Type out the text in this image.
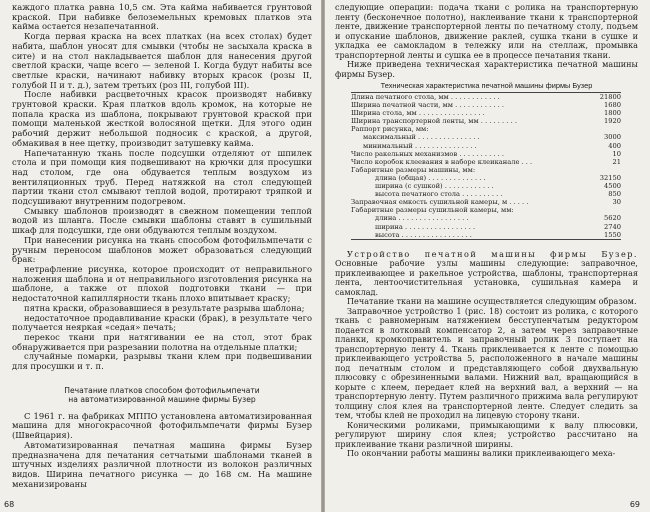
каждого платка равна 10,5 см. Эта кайма набивается грунтовой краской. При набивке белоземельных кремовых платков эта кайма остается незапечатанной.

Когда первая краска на всех платках (на всех столах) будет набита, шаблон уносят для смывки (чтобы не засыхала краска в сите) и на стол накладывается шаблон для нанесения другой светлой краски, чаще всего — зеленой I. Когда будут набиты все светлые краски, начинают набивку вторых красок (розы II, голубой II и т. д.), затем третьих (роз III, голубой III).

После набивки расцветочных красок производят набивку грунтовой краски. Края платков вдоль кромок, на которые не попала краска из шаблона, покрывают грунтовой краской при помощи маленькой жесткой волосяной щетки. Для этого один рабочий держит небольшой подносик с краской, а другой, обмакивая в нее щетку, производит затушевку кайма.

Напечатанную ткань после подсушки отделяют от шпилек стола и при помощи кия подвешивают на крючки для просушки над столом, где она обдувается теплым воздухом из вентиляционных труб. Перед натяжкой на стол следующей партии ткани стол смывают теплой водой, протирают тряпкой и подсушивают внутренним подогревом.

Смывку шаблонов производят в свежном помещении теплой водой из шланга. После смывки шаблоны ставят в сушильный шкаф для подсушки, где они обдуваются теплым воздухом.

При нанесении рисунка на ткань способом фотофильмпечати с ручным переносом шаблонов может образоваться следующий брак:

нетрафление рисунка, которое происходит от неправильного наложения шаблона и от неправильного изготовления рисунка на шаблоне, а также от плохой подготовки ткани — при недостаточной капиллярности ткань плохо впитывает краску;

пятна краски, образовавшиеся в результате разрыва шаблона;

недостаточное продавливание краски (брак), в результате чего получается неяркая «седая» печать;

перекос ткани при натягивании ее на стол, этот брак обнаруживается при разрезании полотна на отдельные платки;

случайные помарки, разрывы ткани клем при подвешивании для просушки и т. п.

Печатание платков способом фотофильмпечати
на автоматизированной машине фирмы Бузер

С 1961 г. на фабриках МППО установлена автоматизированная машина для многокрасочной фотофильмпечати фирмы Бузер (Швейцария).

Автоматизированная печатная машина фирмы Бузер предназначена для печатания сетчатыми шаблонами тканей в штучных изделиях различной плотности из волокон различных видов. Ширина печатного рисунка — до 168 см. На машине механизированы

68

следующие операции: подача ткани с ролика на транспортерную ленту (бесконечное полотно), наклеивание ткани к транспортерной ленте, движение транспортерной ленты по печатному столу, подъем и опускание шаблонов, движение раклей, сушка ткани в сушке и укладка ее самокладом в тележку или на стеллаж, промывка транспортерной ленты и сушка ее в процессе печатания ткани.

Ниже приведена техническая характеристика печатной машины фирмы Бузер.

Техническая характеристика печатной машины фирмы Бузер
Длина печатного стола, мм . . . . . . . . . . . .	21800
Ширина печатной части, мм . . . . . . . . . . . .	1680
Ширина стола, мм . . . . . . . . . . . . . . . .	1800
Ширина транспортерной ленты, мм . . . . . . . . .	1920
Раппорт рисунка, мм:	
максимальный . . . . . . . . . . . . . . .	3000
минимальный . . . . . . . . . . . . . . .	400
Число ракельных механизмов . . . . . . . . . . .	10
Число коробок клеевания в наборе клеиканале . . .	21
Габаритные размеры машины, мм:	
длина (общая) . . . . . . . . . . . . . .	32150
ширина (с сушкой) . . . . . . . . . . . .	4500
высота печатного стола . . . . . . . . . .	850
Заправочная емкость сушильной камеры, м . . . . .	30
Габаритные размеры сушильной камеры, мм:	
длина . . . . . . . . . . . . . . . . .	5620
ширина . . . . . . . . . . . . . . . . .	2740
высота . . . . . . . . . . . . . . . . .	1550

Устройство печатной машины фирмы Бузер. Основные рабочие узлы машины следующие: заправочное, приклеивающее и ракельное устройства, шаблоны, транспортерная лента, лентоочистительная установка, сушильная камера и самоклад.

Печатание ткани на машине осуществляется следующим образом.

Заправочное устройство 1 (рис. 18) состоит из ролика, с которого ткань с равномерным натяжением бесступенчатым редуктором подается в лотковый компенсатор 2, а затем через заправочные планки, кромкоправитель и заправочный ролик 3 поступает на транспортерную ленту 4. Ткань приклеивается к ленте с помощью приклеивающего устройства 5, расположенного в начале машины под печатным столом и представляющего собой двухвальную плюсовку с обрезиненными валами. Нижний вал, вращающийся в корыте с клеем, передает клей на верхний вал, а верхний — на транспортерную ленту. Путем различного прижима вала регулируют толщину слоя клея на транспортерной ленте. Следует следить за тем, чтобы клей не проходил на лицевую сторону ткани.

Коническими роликами, примыкающими к валу плюсовки, регулируют ширину слоя клея; устройство рассчитано на приклеивание ткани различной ширины.

По окончании работы машины валики приклеивающего меха-

69
